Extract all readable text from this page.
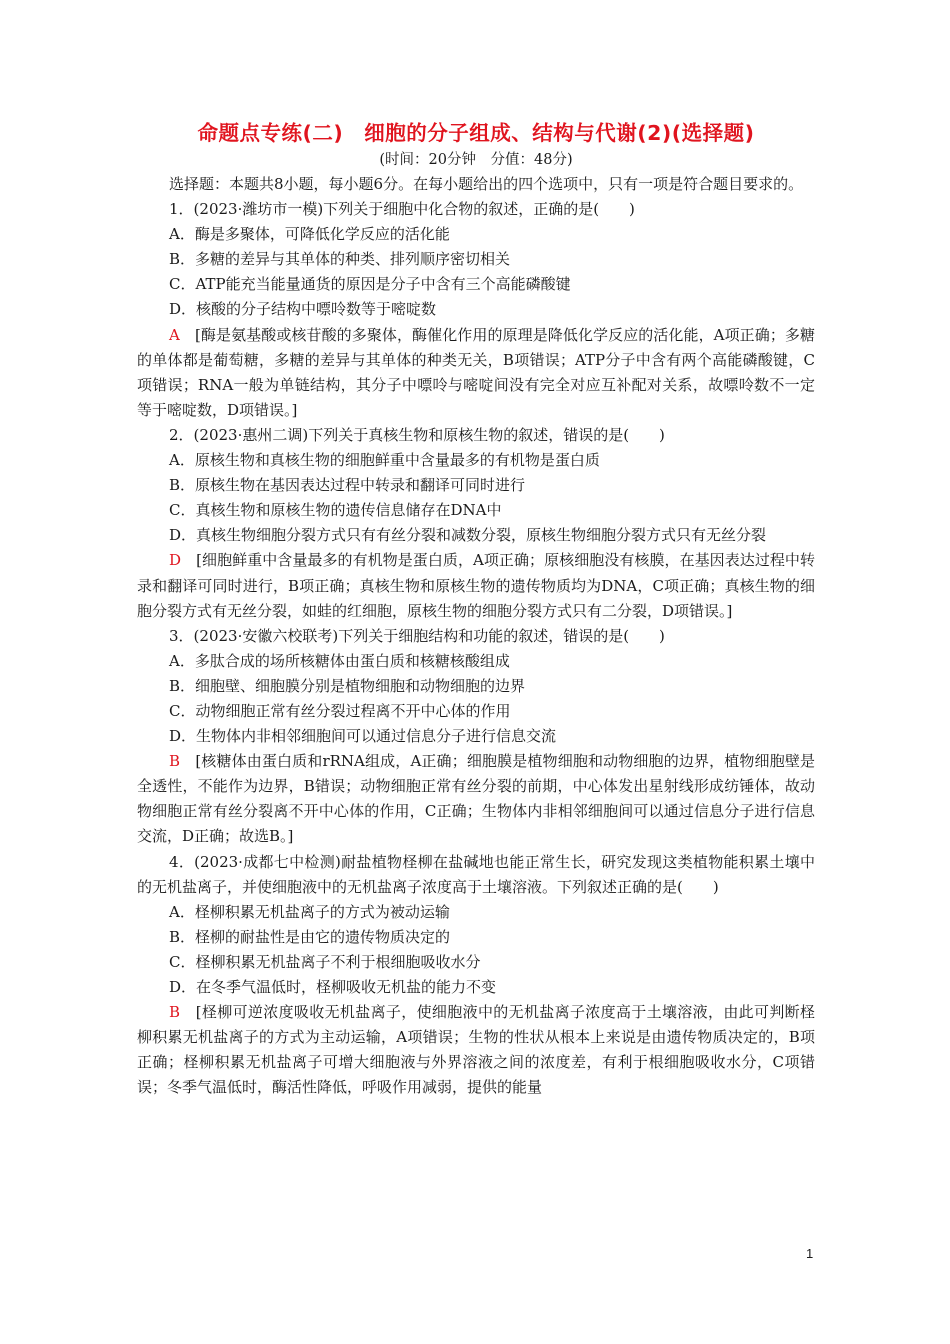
命题点专练(二)　细胞的分子组成、结构与代谢(2)(选择题)
(时间：20分钟　分值：48分)

选择题：本题共8小题，每小题6分。在每小题给出的四个选项中，只有一项是符合题目要求的。

1．(2023·潍坊市一模)下列关于细胞中化合物的叙述，正确的是(　　)

A．酶是多聚体，可降低化学反应的活化能

B．多糖的差异与其单体的种类、排列顺序密切相关

C．ATP能充当能量通货的原因是分子中含有三个高能磷酸键

D．核酸的分子结构中嘌呤数等于嘧啶数

A　[酶是氨基酸或核苷酸的多聚体，酶催化作用的原理是降低化学反应的活化能，A项正确；多糖的单体都是葡萄糖，多糖的差异与其单体的种类无关，B项错误；ATP分子中含有两个高能磷酸键，C项错误；RNA一般为单链结构，其分子中嘌呤与嘧啶间没有完全对应互补配对关系，故嘌呤数不一定等于嘧啶数，D项错误。]

2．(2023·惠州二调)下列关于真核生物和原核生物的叙述，错误的是(　　)

A．原核生物和真核生物的细胞鲜重中含量最多的有机物是蛋白质

B．原核生物在基因表达过程中转录和翻译可同时进行

C．真核生物和原核生物的遗传信息储存在DNA中

D．真核生物细胞分裂方式只有有丝分裂和减数分裂，原核生物细胞分裂方式只有无丝分裂

D　[细胞鲜重中含量最多的有机物是蛋白质，A项正确；原核细胞没有核膜，在基因表达过程中转录和翻译可同时进行，B项正确；真核生物和原核生物的遗传物质均为DNA，C项正确；真核生物的细胞分裂方式有无丝分裂，如蛙的红细胞，原核生物的细胞分裂方式只有二分裂，D项错误。]

3．(2023·安徽六校联考)下列关于细胞结构和功能的叙述，错误的是(　　)

A．多肽合成的场所核糖体由蛋白质和核糖核酸组成

B．细胞壁、细胞膜分别是植物细胞和动物细胞的边界

C．动物细胞正常有丝分裂过程离不开中心体的作用

D．生物体内非相邻细胞间可以通过信息分子进行信息交流

B　[核糖体由蛋白质和rRNA组成，A正确；细胞膜是植物细胞和动物细胞的边界，植物细胞壁是全透性，不能作为边界，B错误；动物细胞正常有丝分裂的前期，中心体发出星射线形成纺锤体，故动物细胞正常有丝分裂离不开中心体的作用，C正确；生物体内非相邻细胞间可以通过信息分子进行信息交流，D正确；故选B。]

4．(2023·成都七中检测)耐盐植物柽柳在盐碱地也能正常生长，研究发现这类植物能积累土壤中的无机盐离子，并使细胞液中的无机盐离子浓度高于土壤溶液。下列叙述正确的是(　　)

A．柽柳积累无机盐离子的方式为被动运输

B．柽柳的耐盐性是由它的遗传物质决定的

C．柽柳积累无机盐离子不利于根细胞吸收水分

D．在冬季气温低时，柽柳吸收无机盐的能力不变

B　[柽柳可逆浓度吸收无机盐离子，使细胞液中的无机盐离子浓度高于土壤溶液，由此可判断柽柳积累无机盐离子的方式为主动运输，A项错误；生物的性状从根本上来说是由遗传物质决定的，B项正确；柽柳积累无机盐离子可增大细胞液与外界溶液之间的浓度差，有利于根细胞吸收水分，C项错误；冬季气温低时，酶活性降低，呼吸作用减弱，提供的能量

1
